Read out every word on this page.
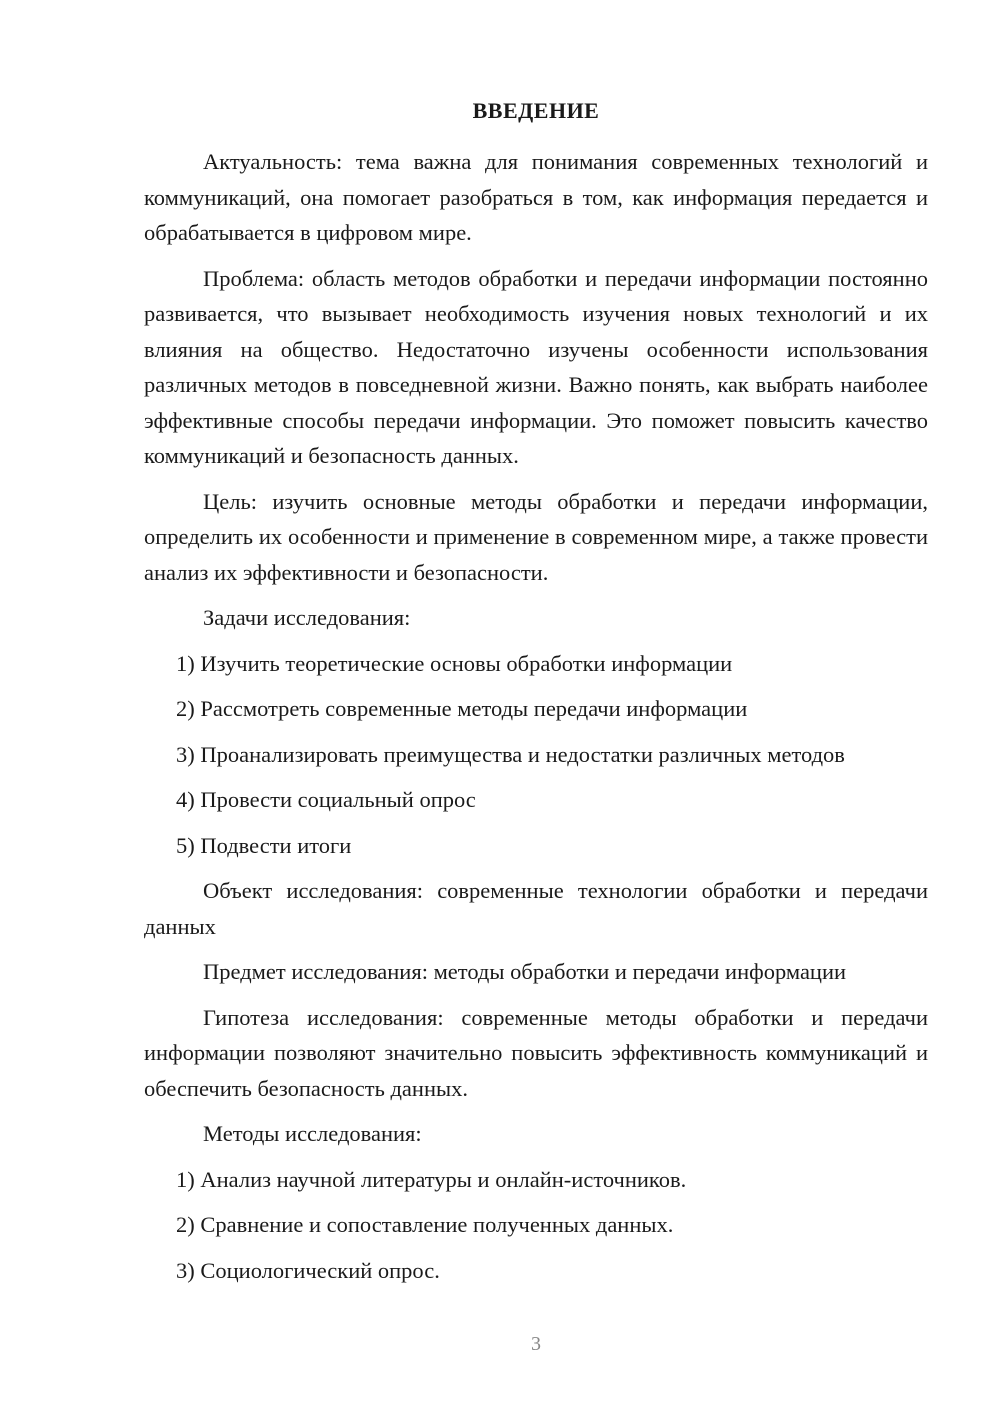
ВВЕДЕНИЕ

Актуальность: тема важна для понимания современных технологий и коммуникаций, она помогает разобраться в том, как информация передается и обрабатывается в цифровом мире.

Проблема: область методов обработки и передачи информации постоянно развивается, что вызывает необходимость изучения новых технологий и их влияния на общество. Недостаточно изучены особенности использования различных методов в повседневной жизни. Важно понять, как выбрать наиболее эффективные способы передачи информации. Это поможет повысить качество коммуникаций и безопасность данных.

Цель: изучить основные методы обработки и передачи информации, определить их особенности и применение в современном мире, а также провести анализ их эффективности и безопасности.

Задачи исследования:

1) Изучить теоретические основы обработки информации
2) Рассмотреть современные методы передачи информации
3) Проанализировать преимущества и недостатки различных методов
4) Провести социальный опрос
5) Подвести итоги

Объект исследования: современные технологии обработки и передачи данных

Предмет исследования: методы обработки и передачи информации

Гипотеза исследования: современные методы обработки и передачи информации позволяют значительно повысить эффективность коммуникаций и обеспечить безопасность данных.

Методы исследования:

1) Анализ научной литературы и онлайн-источников.
2) Сравнение и сопоставление полученных данных.
3) Социологический опрос.
3
